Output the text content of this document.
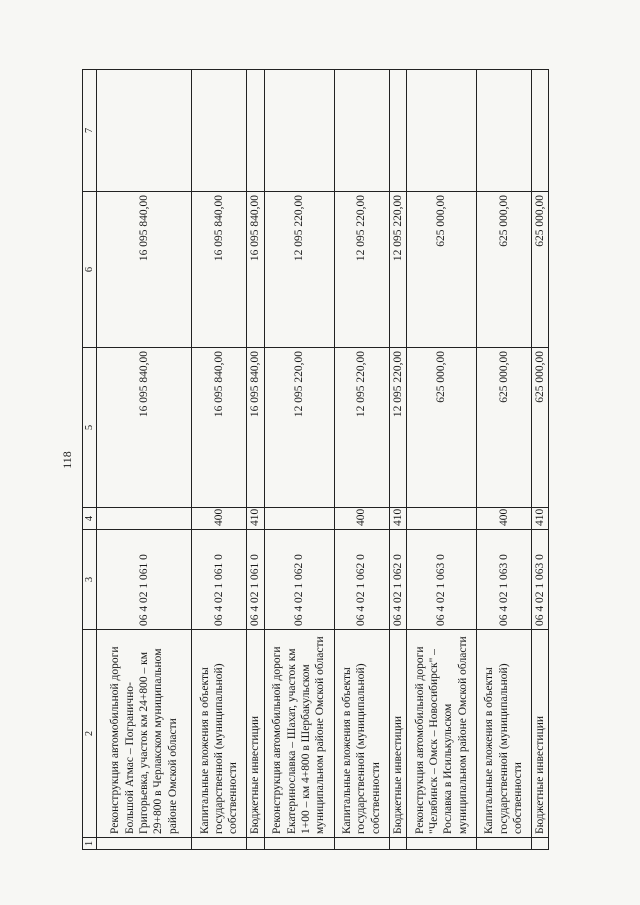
118
1	2	3	4	5	6	7
	Реконструкция автомобильной дороги Большой Атмас – Погранично-Григорьевка, участок км 24+800 – км 29+800 в Черлакском муниципальном районе Омской области	06 4 02 1 061 0		16 095 840,00	16 095 840,00	
	Капитальные вложения в объекты государственной (муниципальной) собственности	06 4 02 1 061 0	400	16 095 840,00	16 095 840,00	
	Бюджетные инвестиции	06 4 02 1 061 0	410	16 095 840,00	16 095 840,00	
	Реконструкция автомобильной дороги Екатеринославка – Шахат, участок км 1+00 – км 4+800 в Шербакульском муниципальном районе Омской области	06 4 02 1 062 0		12 095 220,00	12 095 220,00	
	Капитальные вложения в объекты государственной (муниципальной) собственности	06 4 02 1 062 0	400	12 095 220,00	12 095 220,00	
	Бюджетные инвестиции	06 4 02 1 062 0	410	12 095 220,00	12 095 220,00	
	Реконструкция автомобильной дороги "Челябинск – Омск – Новосибирск" – Рославка в Исилькульском муниципальном районе Омской области	06 4 02 1 063 0		625 000,00	625 000,00	
	Капитальные вложения в объекты государственной (муниципальной) собственности	06 4 02 1 063 0	400	625 000,00	625 000,00	
	Бюджетные инвестиции	06 4 02 1 063 0	410	625 000,00	625 000,00	
